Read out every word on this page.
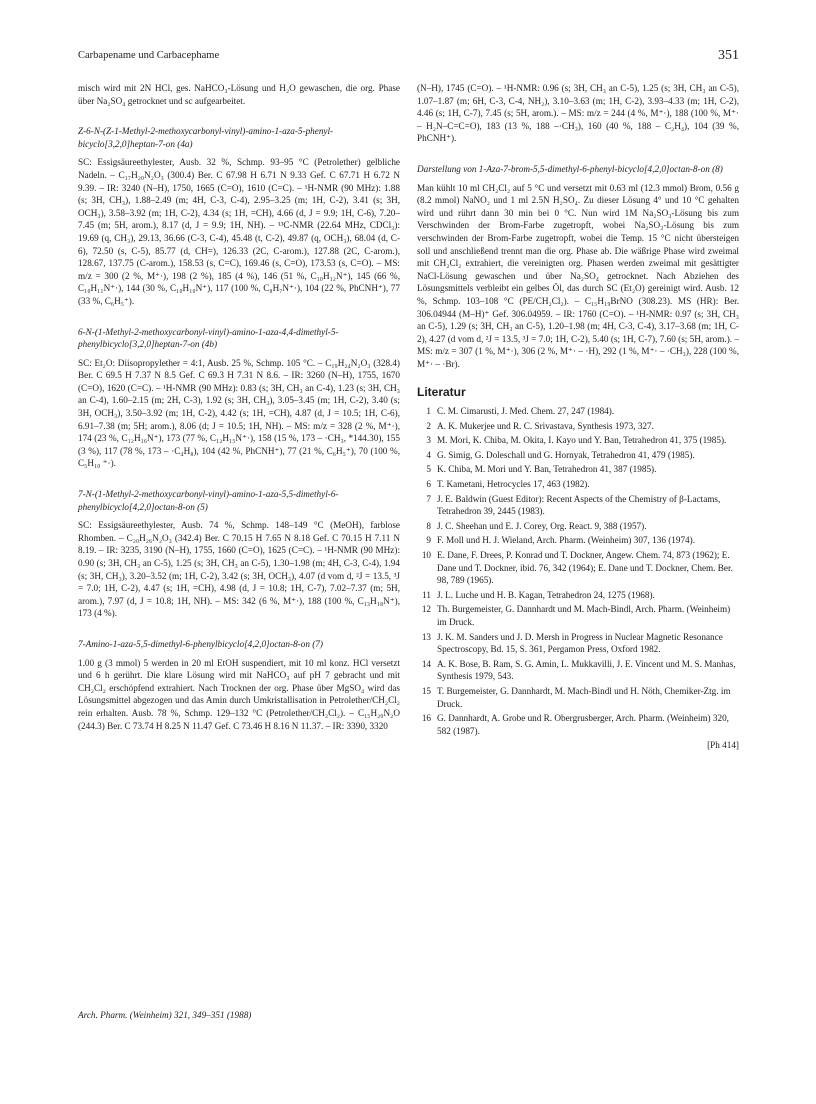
Carbapename und Carbacephame	351

misch wird mit 2N HCl, ges. NaHCO₃-Lösung und H₂O gewaschen, die org. Phase über Na₂SO₄ getrocknet und sc aufgearbeitet.

Z-6-N-(Z-1-Methyl-2-methoxycarbonyl-vinyl)-amino-1-aza-5-phenyl-bicyclo[3,2,0]heptan-7-on (4a)

SC: Essigsäureethylester, Ausb. 32 %, Schmp. 93–95 °C (Petrolether) gelbliche Nadeln. – C₁₇H₂₀N₂O₃ (300.4) Ber. C 67.98 H 6.71 N 9.33 Gef. C 67.71 H 6.72 N 9.39. – IR: 3240 (N–H), 1750, 1665 (C=O), 1610 (C=C). – ¹H-NMR (90 MHz): 1.88 (s; 3H, CH₃), 1.88–2.49 (m; 4H, C-3, C-4), 2.95–3.25 (m; 1H, C-2), 3.41 (s; 3H, OCH₃), 3.58–3.92 (m; 1H, C-2), 4.34 (s; 1H, =CH), 4.66 (d, J = 9.9; 1H, C-6), 7.20–7.45 (m; 5H, arom.), 8.17 (d, J = 9.9; 1H, NH). – ¹³C-NMR (22.64 MHz, CDCl₃): 19.69 (q, CH₃), 29.13, 36.66 (C-3, C-4), 45.48 (t, C-2), 49.87 (q, OCH₃), 68.04 (d, C-6), 72.50 (s, C-5), 85.77 (d, CH=), 126.33 (2C, C-arom.), 127.88 (2C, C-arom.), 128.67, 137.75 (C-arom.), 158.53 (s, C=C), 169.46 (s, C=O), 173.53 (s, C=O). – MS: m/z = 300 (2 %, M⁺·), 198 (2 %), 185 (4 %), 146 (51 %, C₁₀H₁₂N⁺), 145 (66 %, C₁₀H₁₁N⁺·), 144 (30 %, C₁₀H₁₀N⁺), 117 (100 %, C₈H₇N⁺·), 104 (22 %, PhCNH⁺), 77 (33 %, C₆H₅⁺).

6-N-(1-Methyl-2-methoxycarbonyl-vinyl)-amino-1-aza-4,4-dimethyl-5-phenylbicyclo[3,2,0]heptan-7-on (4b)

SC: Et₂O: Diisopropylether = 4:1, Ausb. 25 %, Schmp. 105 °C. – C₁₉H₂₄N₂O₃ (328.4) Ber. C 69.5 H 7.37 N 8.5 Gef. C 69.3 H 7.31 N 8.6. – IR: 3260 (N–H), 1755, 1670 (C=O), 1620 (C=C). – ¹H-NMR (90 MHz): 0.83 (s; 3H, CH₃ an C-4), 1.23 (s; 3H, CH₃ an C-4), 1.60–2.15 (m; 2H, C-3), 1.92 (s; 3H, CH₃), 3.05–3.45 (m; 1H, C-2), 3.40 (s; 3H, OCH₃), 3.50–3.92 (m; 1H, C-2), 4.42 (s; 1H, =CH), 4.87 (d, J = 10.5; 1H, C-6), 6.91–7.38 (m; 5H; arom.), 8.06 (d; J = 10.5; 1H, NH). – MS: m/z = 328 (2 %, M⁺·), 174 (23 %, C₁₂H₁₆N⁺), 173 (77 %, C₁₂H₁₅N⁺·), 158 (15 %, 173 – ·CH₃, *144.30), 155 (3 %), 117 (78 %, 173 – ·C₄H₈), 104 (42 %, PhCNH⁺), 77 (21 %, C₆H₅⁺), 70 (100 %, C₅H₁₀ ⁺·).

7-N-(1-Methyl-2-methoxycarbonyl-vinyl)-amino-1-aza-5,5-dimethyl-6-phenylbicyclo[4,2,0]octan-8-on (5)

SC: Essigsäureethylester, Ausb. 74 %, Schmp. 148–149 °C (MeOH), farblose Rhomben. – C₂₀H₂₆N₂O₃ (342.4) Ber. C 70.15 H 7.65 N 8.18 Gef. C 70.15 H 7.11 N 8.19. – IR: 3235, 3190 (N–H), 1755, 1660 (C=O), 1625 (C=C). – ¹H-NMR (90 MHz): 0.90 (s; 3H, CH₃ an C-5), 1.25 (s; 3H, CH₃ an C-5), 1.30–1.98 (m; 4H, C-3, C-4), 1.94 (s; 3H, CH₃), 3.20–3.52 (m; 1H, C-2), 3.42 (s; 3H, OCH₃), 4.07 (d vom d, ²J = 13.5, ³J = 7.0; 1H, C-2), 4.47 (s; 1H, =CH), 4.98 (d, J = 10.8; 1H, C-7), 7.02–7.37 (m; 5H, arom.), 7.97 (d, J = 10.8; 1H, NH). – MS: 342 (6 %, M⁺·), 188 (100 %, C₁₃H₁₈N⁺), 173 (4 %).

7-Amino-1-aza-5,5-dimethyl-6-phenylbicyclo[4,2,0]octan-8-on (7)

1.00 g (3 mmol) 5 werden in 20 ml EtOH suspendiert, mit 10 ml konz. HCl versetzt und 6 h gerührt. Die klare Lösung wird mit NaHCO₃ auf pH 7 gebracht und mit CH₂Cl₂ erschöpfend extrahiert. Nach Trocknen der org. Phase über MgSO₄ wird das Lösungsmittel abgezogen und das Amin durch Umkristallisation in Petrolether/CH₂Cl₂ rein erhalten. Ausb. 78 %, Schmp. 129–132 °C (Petrolether/CH₂Cl₂). – C₁₅H₂₀N₂O (244.3) Ber. C 73.74 H 8.25 N 11.47 Gef. C 73.46 H 8.16 N 11.37. – IR: 3390, 3320

(N–H), 1745 (C=O). – ¹H-NMR: 0.96 (s; 3H, CH₃ an C-5), 1.25 (s; 3H, CH₃ an C-5), 1.07–1.87 (m; 6H, C-3, C-4, NH₂), 3.10–3.63 (m; 1H, C-2), 3.93–4.33 (m; 1H, C-2), 4.46 (s; 1H, C-7), 7.45 (s; 5H, arom.). – MS: m/z = 244 (4 %, M⁺·), 188 (100 %, M⁺· – H₂N–C=C=O), 183 (13 %, 188 –·CH₃), 160 (40 %, 188 – C₂H₄), 104 (39 %, PhCNH⁺).

Darstellung von 1-Aza-7-brom-5,5-dimethyl-6-phenyl-bicyclo[4,2,0]octan-8-on (8)

Man kühlt 10 ml CH₂Cl₂ auf 5 °C und versetzt mit 0.63 ml (12.3 mmol) Brom, 0.56 g (8.2 mmol) NaNO₂ und 1 ml 2.5N H₂SO₄. Zu dieser Lösung 4° und 10 °C gehalten wird und rührt dann 30 min bei 0 °C. Nun wird 1M Na₂SO₃-Lösung bis zum Verschwinden der Brom-Farbe zugetropft, wobei Na₂SO₃-Lösung bis zum verschwinden der Brom-Farbe zugetropft, wobei die Temp. 15 °C nicht übersteigen soll und anschließend trennt man die org. Phase ab. Die wäßrige Phase wird zweimal mit CH₂Cl₂ extrahiert, die vereinigten org. Phasen werden zweimal mit gesättigter NaCl-Lösung gewaschen und über Na₂SO₄ getrocknet. Nach Abziehen des Lösungsmittels verbleibt ein gelbes Öl, das durch SC (Et₂O) gereinigt wird. Ausb. 12 %, Schmp. 103–108 °C (PE/CH₂Cl₂). – C₁₅H₁₉BrNO (308.23). MS (HR): Ber. 306.04944 (M–H)⁺ Gef. 306.04959. – IR: 1760 (C=O). – ¹H-NMR: 0.97 (s; 3H, CH₃ an C-5), 1.29 (s; 3H, CH₃ an C-5), 1.20–1.98 (m; 4H, C-3, C-4), 3.17–3.68 (m; 1H, C-2), 4.27 (d vom d, ²J = 13.5, ³J = 7.0; 1H, C-2), 5.40 (s; 1H, C-7), 7.60 (s; 5H, arom.). – MS: m/z = 307 (1 %, M⁺·), 306 (2 %, M⁺· – ·H), 292 (1 %, M⁺· – ·CH₃), 228 (100 %, M⁺· – ·Br).

Literatur
1 C. M. Cimarusti, J. Med. Chem. 27, 247 (1984).
2 A. K. Mukerjee und R. C. Srivastava, Synthesis 1973, 327.
3 M. Mori, K. Chiba, M. Okita, I. Kayo und Y. Ban, Tetrahedron 41, 375 (1985).
4 G. Simig, G. Doleschall und G. Hornyak, Tetrahedron 41, 479 (1985).
5 K. Chiba, M. Mori und Y. Ban, Tetrahedron 41, 387 (1985).
6 T. Kametani, Hetrocycles 17, 463 (1982).
7 J. E. Baldwin (Guest Editor): Recent Aspects of the Chemistry of β-Lactams, Tetrahedron 39, 2445 (1983).
8 J. C. Sheehan und E. J. Corey, Org. React. 9, 388 (1957).
9 F. Moll und H. J. Wieland, Arch. Pharm. (Weinheim) 307, 136 (1974).
10 E. Dane, F. Drees, P. Konrad und T. Dockner, Angew. Chem. 74, 873 (1962); E. Dane und T. Dockner, ibid. 76, 342 (1964); E. Dane und T. Dockner, Chem. Ber. 98, 789 (1965).
11 J. L. Luche und H. B. Kagan, Tetrahedron 24, 1275 (1968).
12 Th. Burgemeister, G. Dannhardt und M. Mach-Bindl, Arch. Pharm. (Weinheim) im Druck.
13 J. K. M. Sanders und J. D. Mersh in Progress in Nuclear Magnetic Resonance Spectroscopy, Bd. 15, S. 361, Pergamon Press, Oxford 1982.
14 A. K. Bose, B. Ram, S. G. Amin, L. Mukkavilli, J. E. Vincent und M. S. Manhas, Synthesis 1979, 543.
15 T. Burgemeister, G. Dannhardt, M. Mach-Bindl und H. Nöth, Chemiker-Ztg. im Druck.
16 G. Dannhardt, A. Grobe und R. Obergrusberger, Arch. Pharm. (Weinheim) 320, 582 (1987).
[Ph 414]
Arch. Pharm. (Weinheim) 321, 349–351 (1988)
